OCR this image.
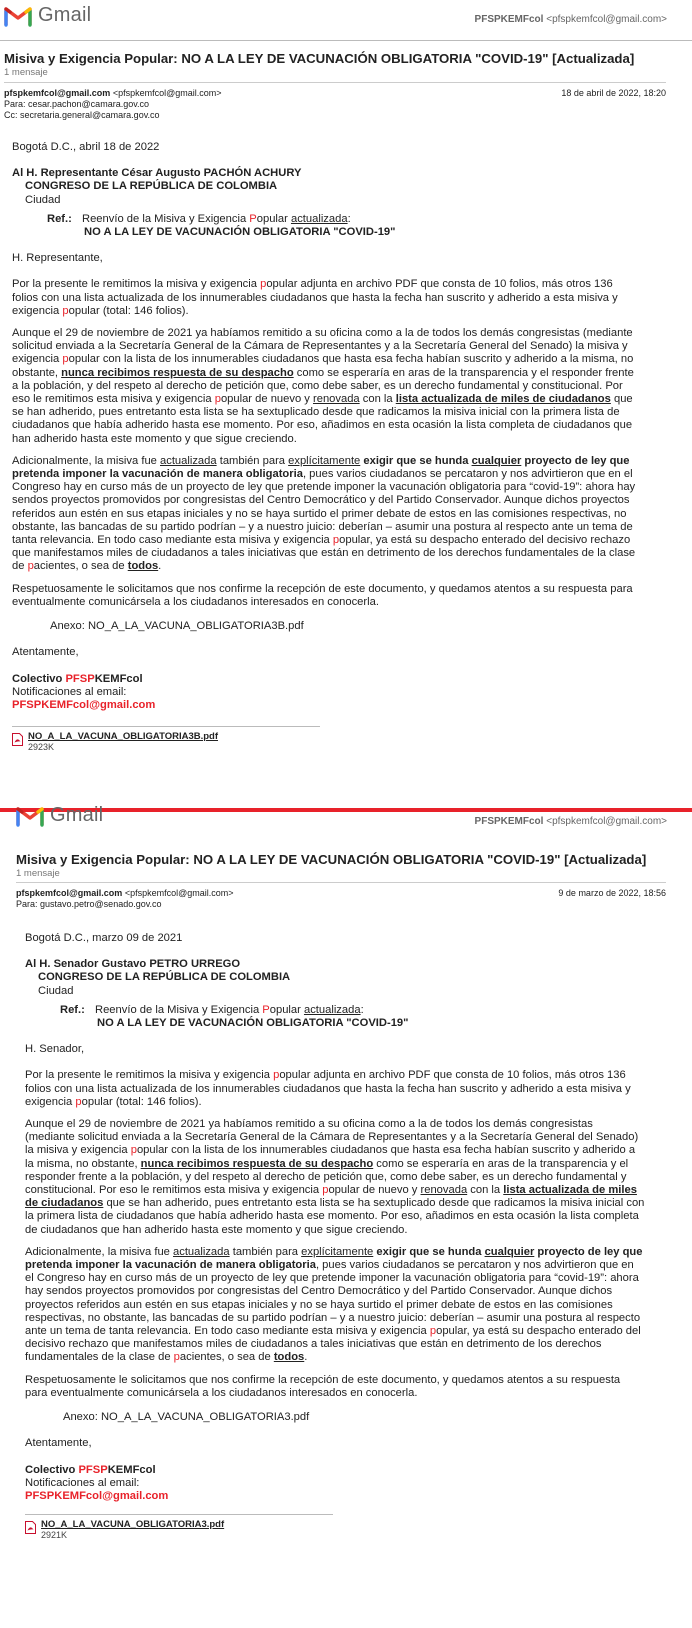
Gmail	PFSPKEMFcol <pfspkemfcol@gmail.com>
Misiva y Exigencia Popular: NO A LA LEY DE VACUNACIÓN OBLIGATORIA "COVID-19" [Actualizada]
1 mensaje
pfspkemfcol@gmail.com <pfspkemfcol@gmail.com>
Para: cesar.pachon@camara.gov.co
Cc: secretaria.general@camara.gov.co
18 de abril de 2022, 18:20

Bogotá D.C., abril 18 de 2022

Al H. Representante César Augusto PACHÓN ACHURY

CONGRESO DE LA REPÚBLICA DE COLOMBIA

Ciudad

Ref.: Reenvío de la Misiva y Exigencia Popular actualizada:
NO A LA LEY DE VACUNACIÓN OBLIGATORIA "COVID-19"

H. Representante,

Por la presente le remitimos la misiva y exigencia popular adjunta en archivo PDF que consta de 10 folios, más otros 136 folios con una lista actualizada de los innumerables ciudadanos que hasta la fecha han suscrito y adherido a esta misiva y exigencia popular (total: 146 folios).

Aunque el 29 de noviembre de 2021 ya habíamos remitido a su oficina como a la de todos los demás congresistas (mediante solicitud enviada a la Secretaría General de la Cámara de Representantes y a la Secretaría General del Senado) la misiva y exigencia popular con la lista de los innumerables ciudadanos que hasta esa fecha habían suscrito y adherido a la misma, no obstante, nunca recibimos respuesta de su despacho como se esperaría en aras de la transparencia y el responder frente a la población, y del respeto al derecho de petición que, como debe saber, es un derecho fundamental y constitucional. Por eso le remitimos esta misiva y exigencia popular de nuevo y renovada con la lista actualizada de miles de ciudadanos que se han adherido, pues entretanto esta lista se ha sextuplicado desde que radicamos la misiva inicial con la primera lista de ciudadanos que había adherido hasta ese momento. Por eso, añadimos en esta ocasión la lista completa de ciudadanos que han adherido hasta este momento y que sigue creciendo.

Adicionalmente, la misiva fue actualizada también para explícitamente exigir que se hunda cualquier proyecto de ley que pretenda imponer la vacunación de manera obligatoria, pues varios ciudadanos se percataron y nos advirtieron que en el Congreso hay en curso más de un proyecto de ley que pretende imponer la vacunación obligatoria para “covid-19”: ahora hay sendos proyectos promovidos por congresistas del Centro Democrático y del Partido Conservador. Aunque dichos proyectos referidos aun estén en sus etapas iniciales y no se haya surtido el primer debate de estos en las comisiones respectivas, no obstante, las bancadas de su partido podrían – y a nuestro juicio: deberían – asumir una postura al respecto ante un tema de tanta relevancia. En todo caso mediante esta misiva y exigencia popular, ya está su despacho enterado del decisivo rechazo que manifestamos miles de ciudadanos a tales iniciativas que están en detrimento de los derechos fundamentales de la clase de pacientes, o sea de todos.

Respetuosamente le solicitamos que nos confirme la recepción de este documento, y quedamos atentos a su respuesta para eventualmente comunicársela a los ciudadanos interesados en conocerla.

Anexo: NO_A_LA_VACUNA_OBLIGATORIA3B.pdf

Atentamente,

Colectivo PFSPKEMFcol

Notificaciones al email:

PFSPKEMFcol@gmail.com

NO_A_LA_VACUNA_OBLIGATORIA3B.pdf
2923K
Gmail	PFSPKEMFcol <pfspkemfcol@gmail.com>
Misiva y Exigencia Popular: NO A LA LEY DE VACUNACIÓN OBLIGATORIA "COVID-19" [Actualizada]
1 mensaje
pfspkemfcol@gmail.com <pfspkemfcol@gmail.com>
Para: gustavo.petro@senado.gov.co
9 de marzo de 2022, 18:56

Bogotá D.C., marzo 09 de 2021

Al H. Senador Gustavo PETRO URREGO

CONGRESO DE LA REPÚBLICA DE COLOMBIA

Ciudad

Ref.: Reenvío de la Misiva y Exigencia Popular actualizada:
NO A LA LEY DE VACUNACIÓN OBLIGATORIA "COVID-19"

H. Senador,

Por la presente le remitimos la misiva y exigencia popular adjunta en archivo PDF que consta de 10 folios, más otros 136 folios con una lista actualizada de los innumerables ciudadanos que hasta la fecha han suscrito y adherido a esta misiva y exigencia popular (total: 146 folios).

Aunque el 29 de noviembre de 2021 ya habíamos remitido a su oficina como a la de todos los demás congresistas (mediante solicitud enviada a la Secretaría General de la Cámara de Representantes y a la Secretaría General del Senado) la misiva y exigencia popular con la lista de los innumerables ciudadanos que hasta esa fecha habían suscrito y adherido a la misma, no obstante, nunca recibimos respuesta de su despacho como se esperaría en aras de la transparencia y el responder frente a la población, y del respeto al derecho de petición que, como debe saber, es un derecho fundamental y constitucional. Por eso le remitimos esta misiva y exigencia popular de nuevo y renovada con la lista actualizada de miles de ciudadanos que se han adherido, pues entretanto esta lista se ha sextuplicado desde que radicamos la misiva inicial con la primera lista de ciudadanos que había adherido hasta ese momento. Por eso, añadimos en esta ocasión la lista completa de ciudadanos que han adherido hasta este momento y que sigue creciendo.

Adicionalmente, la misiva fue actualizada también para explícitamente exigir que se hunda cualquier proyecto de ley que pretenda imponer la vacunación de manera obligatoria, pues varios ciudadanos se percataron y nos advirtieron que en el Congreso hay en curso más de un proyecto de ley que pretende imponer la vacunación obligatoria para “covid-19”: ahora hay sendos proyectos promovidos por congresistas del Centro Democrático y del Partido Conservador. Aunque dichos proyectos referidos aun estén en sus etapas iniciales y no se haya surtido el primer debate de estos en las comisiones respectivas, no obstante, las bancadas de su partido podrían – y a nuestro juicio: deberían – asumir una postura al respecto ante un tema de tanta relevancia. En todo caso mediante esta misiva y exigencia popular, ya está su despacho enterado del decisivo rechazo que manifestamos miles de ciudadanos a tales iniciativas que están en detrimento de los derechos fundamentales de la clase de pacientes, o sea de todos.

Respetuosamente le solicitamos que nos confirme la recepción de este documento, y quedamos atentos a su respuesta para eventualmente comunicársela a los ciudadanos interesados en conocerla.

Anexo: NO_A_LA_VACUNA_OBLIGATORIA3.pdf

Atentamente,

Colectivo PFSPKEMFcol

Notificaciones al email:

PFSPKEMFcol@gmail.com

NO_A_LA_VACUNA_OBLIGATORIA3.pdf
2921K
